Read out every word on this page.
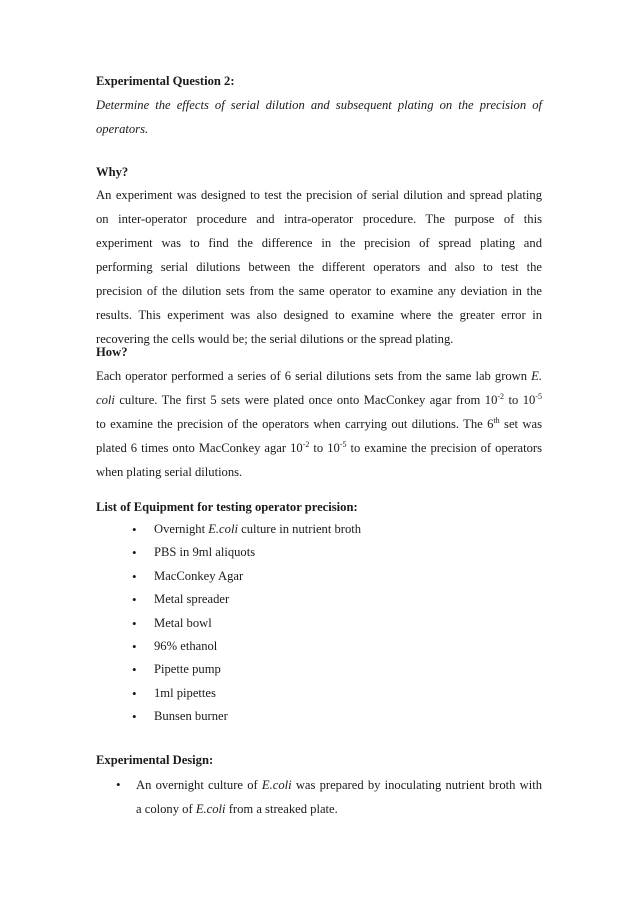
Experimental Question 2:
Determine the effects of serial dilution and subsequent plating on the precision of
operators.
Why?
An experiment was designed to test the precision of serial dilution and spread plating
on inter-operator procedure and intra-operator procedure. The purpose of this
experiment was to find the difference in the precision of spread plating and
performing serial dilutions between the different operators and also to test the
precision of the dilution sets from the same operator to examine any deviation in the
results. This experiment was also designed to examine where the greater error in
recovering the cells would be; the serial dilutions or the spread plating.
How?
Each operator performed a series of 6 serial dilutions sets from the same lab grown E.
coli culture. The first 5 sets were plated once onto MacConkey agar from $10^{-2}$ to $10^{-5}$
to examine the precision of the operators when carrying out dilutions. The 6th set was
plated 6 times onto MacConkey agar $10^{-2}$ to $10^{-5}$ to examine the precision of operators
when plating serial dilutions.
List of Equipment for testing operator precision:
• Overnight E.coli culture in nutrient broth
• PBS in 9ml aliquots
• MacConkey Agar
• Metal spreader
• Metal bowl
• 96% ethanol
• Pipette pump
• 1ml pipettes
• Bunsen burner
Experimental Design:
• An overnight culture of E.coli was prepared by inoculating nutrient broth with
a colony of E.coli from a streaked plate.
